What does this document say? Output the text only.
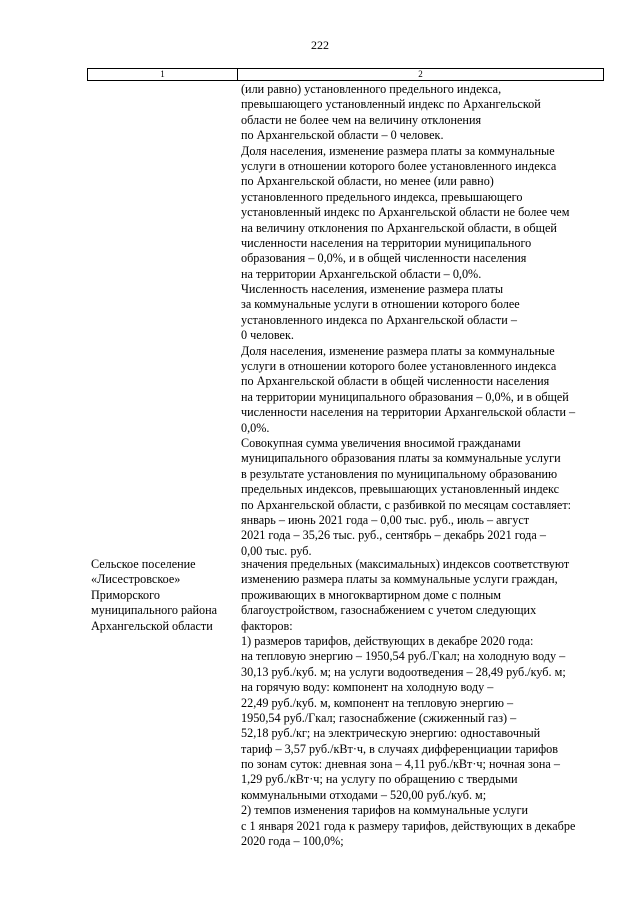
222
1	2
(или равно) установленного предельного индекса,
превышающего установленный индекс по Архангельской
области не более чем на величину отклонения
по Архангельской области – 0 человек.
Доля населения, изменение размера платы за коммунальные
услуги в отношении которого более установленного индекса
по Архангельской области, но менее (или равно)
установленного предельного индекса, превышающего
установленный индекс по Архангельской области не более чем
на величину отклонения по Архангельской области, в общей
численности населения на территории муниципального
образования – 0,0%, и в общей численности населения
на территории Архангельской области – 0,0%.
Численность населения, изменение размера платы
за коммунальные услуги в отношении которого более
установленного индекса по Архангельской области –
0 человек.
Доля населения, изменение размера платы за коммунальные
услуги в отношении которого более установленного индекса
по Архангельской области в общей численности населения
на территории муниципального образования – 0,0%, и в общей
численности населения на территории Архангельской области –
0,0%.
Совокупная сумма увеличения вносимой гражданами
муниципального образования платы за коммунальные услуги
в результате установления по муниципальному образованию
предельных индексов, превышающих установленный индекс
по Архангельской области, с разбивкой по месяцам составляет:
январь – июнь 2021 года – 0,00 тыс. руб., июль – август
2021 года – 35,26 тыс. руб., сентябрь – декабрь 2021 года –
0,00 тыс. руб.
Сельское поселение
«Лисестровское»
Приморского
муниципального района
Архангельской области
значения предельных (максимальных) индексов соответствуют
изменению размера платы за коммунальные услуги граждан,
проживающих в многоквартирном доме с полным
благоустройством, газоснабжением с учетом следующих
факторов:
1) размеров тарифов, действующих в декабре 2020 года:
на тепловую энергию – 1950,54 руб./Гкал; на холодную воду –
30,13 руб./куб. м; на услуги водоотведения – 28,49 руб./куб. м;
на горячую воду: компонент на холодную воду –
22,49 руб./куб. м, компонент на тепловую энергию –
1950,54 руб./Гкал; газоснабжение (сжиженный газ) –
52,18 руб./кг; на электрическую энергию: одноставочный
тариф – 3,57 руб./кВт·ч, в случаях дифференциации тарифов
по зонам суток: дневная зона – 4,11 руб./кВт·ч; ночная зона –
1,29 руб./кВт·ч; на услугу по обращению с твердыми
коммунальными отходами – 520,00 руб./куб. м;
2) темпов изменения тарифов на коммунальные услуги
с 1 января 2021 года к размеру тарифов, действующих в декабре
2020 года – 100,0%;
